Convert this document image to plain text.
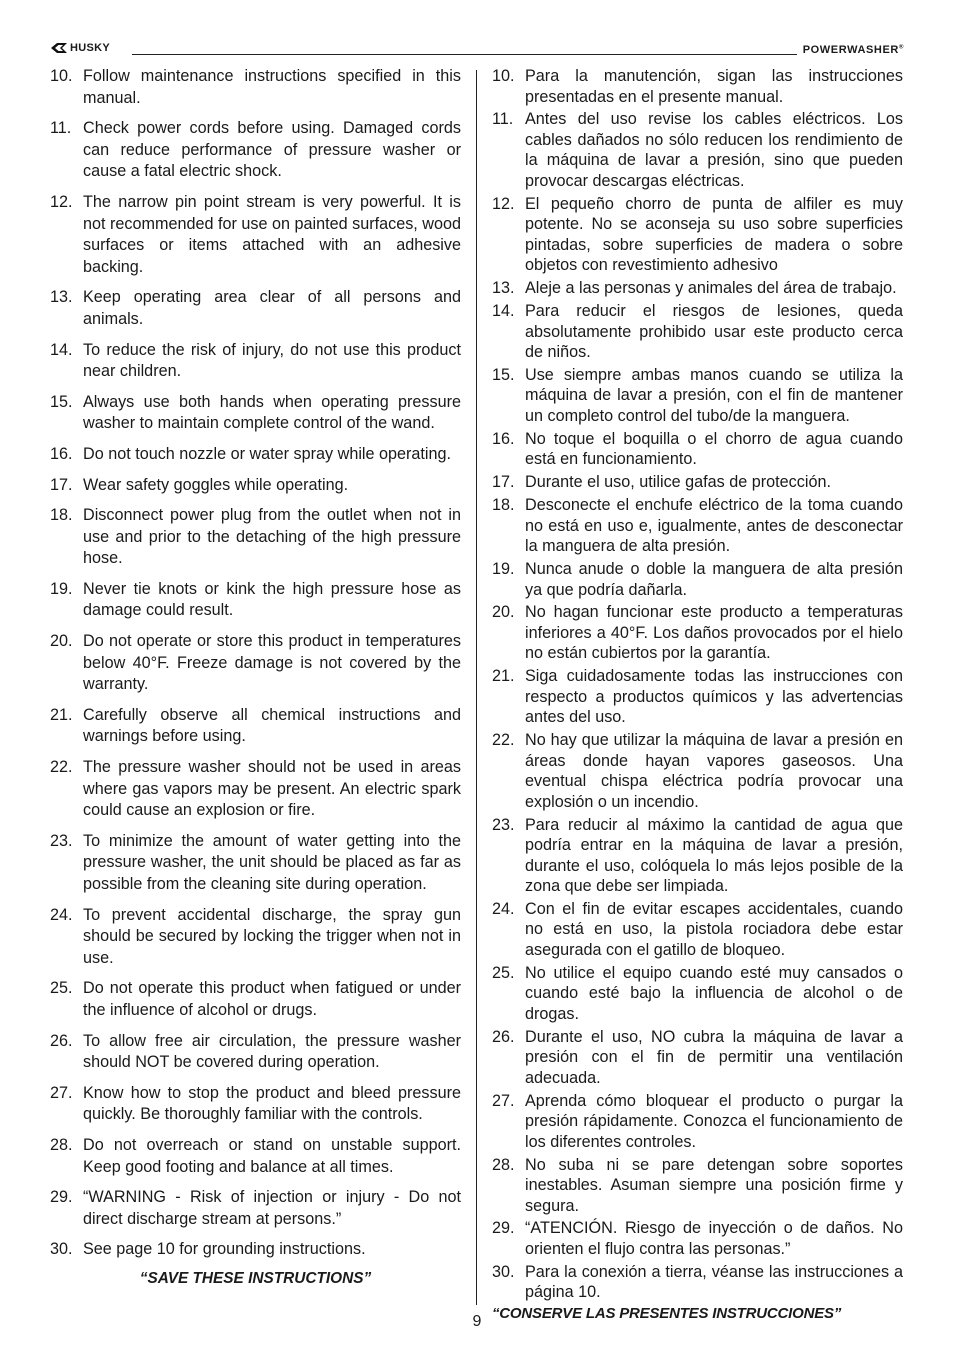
HUSKY	POWERWASHER®
10. Follow maintenance instructions specified in this manual.
11. Check power cords before using. Damaged cords can reduce performance of pressure washer or cause a fatal electric shock.
12. The narrow pin point stream is very powerful. It is not recommended for use on painted surfaces, wood surfaces or items attached with an adhesive backing.
13. Keep operating area clear of all persons and animals.
14. To reduce the risk of injury, do not use this product near children.
15. Always use both hands when operating pressure washer to maintain complete control of the wand.
16. Do not touch nozzle or water spray while operating.
17. Wear safety goggles while operating.
18. Disconnect power plug from the outlet when not in use and prior to the detaching of the high pressure hose.
19. Never tie knots or kink the high pressure hose as damage could result.
20. Do not operate or store this product in temperatures below 40°F. Freeze damage is not covered by the warranty.
21. Carefully observe all chemical instructions and warnings before using.
22. The pressure washer should not be used in areas where gas vapors may be present. An electric spark could cause an explosion or fire.
23. To minimize the amount of water getting into the pressure washer, the unit should be placed as far as possible from the cleaning site during operation.
24. To prevent accidental discharge, the spray gun should be secured by locking the trigger when not in use.
25. Do not operate this product when fatigued or under the influence of alcohol or drugs.
26. To allow free air circulation, the pressure washer should NOT be covered during operation.
27. Know how to stop the product and bleed pressure quickly. Be thoroughly familiar with the controls.
28. Do not overreach or stand on unstable support. Keep good footing and balance at all times.
29. “WARNING - Risk of injection or injury - Do not direct discharge stream at persons.”
30. See page 10 for grounding instructions.
“SAVE THESE INSTRUCTIONS”
10. Para la manutención, sigan las instrucciones presentadas en el presente manual.
11. Antes del uso revise los cables eléctricos. Los cables dañados no sólo reducen los rendimiento de la máquina de lavar a presión, sino que pueden provocar descargas eléctricas.
12. El pequeño chorro de punta de alfiler es muy potente. No se aconseja su uso sobre superficies pintadas, sobre superficies de madera o sobre objetos con revestimiento adhesivo
13. Aleje a las personas y animales del área de trabajo.
14. Para reducir el riesgos de lesiones, queda absolutamente prohibido usar este producto cerca de niños.
15. Use siempre ambas manos cuando se utiliza la máquina de lavar a presión, con el fin de mantener un completo control del tubo/de la manguera.
16. No toque el boquilla o el chorro de agua cuando está en funcionamiento.
17. Durante el uso, utilice gafas de protección.
18. Desconecte el enchufe eléctrico de la toma cuando no está en uso e, igualmente, antes de desconectar la manguera de alta presión.
19. Nunca anude o doble la manguera de alta presión ya que podría dañarla.
20. No hagan funcionar este producto a temperaturas inferiores a 40°F. Los daños provocados por el hielo no están cubiertos por la garantía.
21. Siga cuidadosamente todas las instrucciones con respecto a productos químicos y las advertencias antes del uso.
22. No hay que utilizar la máquina de lavar a presión en áreas donde hayan vapores gaseosos. Una eventual chispa eléctrica podría provocar una explosión o un incendio.
23. Para reducir al máximo la cantidad de agua que podría entrar en la máquina de lavar a presión, durante el uso, colóquela lo más lejos posible de la zona que debe ser limpiada.
24. Con el fin de evitar escapes accidentales, cuando no está en uso, la pistola rociadora debe estar asegurada con el gatillo de bloqueo.
25. No utilice el equipo cuando esté muy cansados o cuando esté bajo la influencia de alcohol o de drogas.
26. Durante el uso, NO cubra la máquina de lavar a presión con el fin de permitir una ventilación adecuada.
27. Aprenda cómo bloquear el producto o purgar la presión rápidamente. Conozca el funcionamiento de los diferentes controles.
28. No suba ni se pare detengan sobre soportes inestables. Asuman siempre una posición firme y segura.
29. “ATENCIÓN. Riesgo de inyección o de daños. No orienten el flujo contra las personas.”
30. Para la conexión a tierra, véanse las instrucciones a página 10.
“CONSERVE LAS PRESENTES INSTRUCCIONES”
9
